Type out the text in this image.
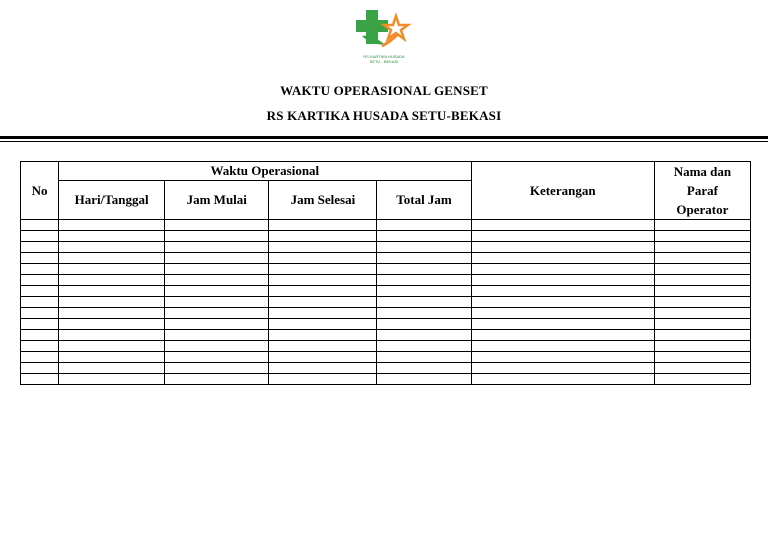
RS KARTIKA HUSADA
SETU - BEKASI
WAKTU OPERASIONAL GENSET
RS KARTIKA HUSADA SETU-BEKASI
No	Waktu Operasional				Keterangan	Nama dan
Paraf
Operator

	Hari/Tanggal	Jam Mulai	Jam Selesai	Total Jam		
